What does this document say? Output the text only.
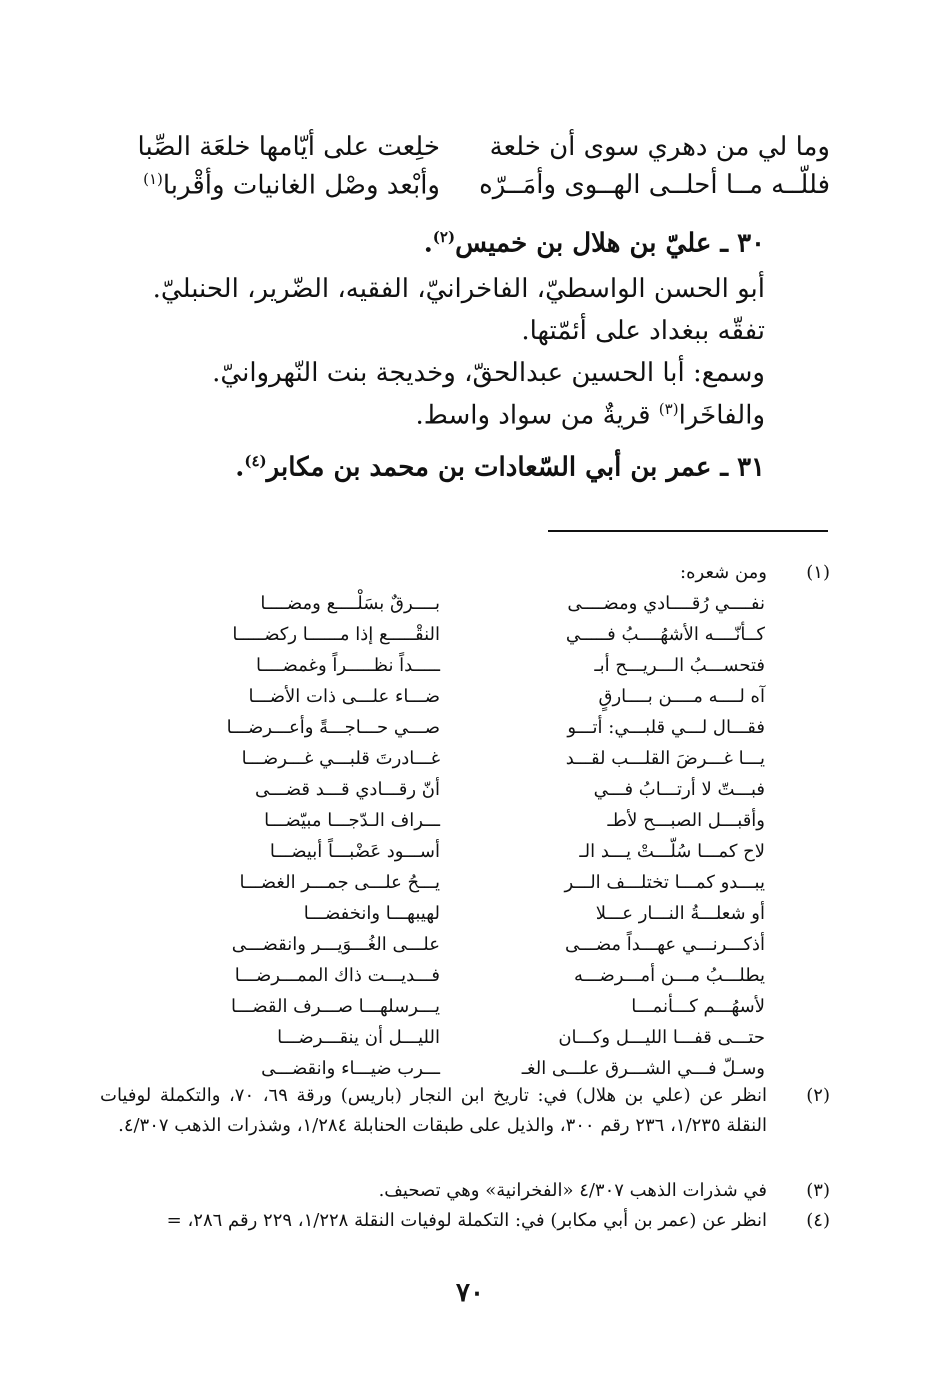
وما لي من دهري سوى أن خلعة
خلِعت على أيّامها خلعَة الصِّبا
فللّــه مــا أحلــى الهــوى وأمَــرّه
وأبْعد وصْل الغانيات وأقْربا$^{(١)}$
٣٠ ـ عليّ بن هلال بن خميس$^{(٢)}$.
أبو الحسن الواسطيّ، الفاخرانيّ، الفقيه، الضّرير، الحنبليّ.
تفقّه ببغداد على أئمّتها.
وسمع: أبا الحسين عبدالحقّ، وخديجة بنت النّهروانيّ.
والفاخَرا$^{(٣)}$ قريةٌ من سواد واسط.
٣١ ـ عمر بن أبي السّعادات بن محمد بن مكابر$^{(٤)}$.
(١)
ومن شعره:
نفــــي رُقــــادي ومضــــى
بــــرقٌ بسَلْــــع ومضــــا
كــأنّــــه الأشهُــــبُ فـــــي
النقْـــــع إذا مــــــا ركضـــــا
فتحســـبُ الـــريـــح أبـ
ـــــداً نظـــــراً وغمضــــا
آه لــــه مــــن بــــارقٍ
ضـــاء علـــى ذات الأضـــا
فقـــال لـــي قلبـــي: أتـــو
صـــي حـــاجـــةً وأعـــرضـــا
يـــا غـــرضَ القلـــب لقـــد
غـــادرتَ قلبـــي غـــرضـــا
فبـــتّ لا أرتـــابُ فـــي
أنّ رقـــادي قـــد قضـــى
وأقبـــل الصبـــح لأطـ
ـــراف الـدّجـــا مبيّضـــا
لاح كمـــا سُلّـــتْ يـــد الـ
أســـود عَضْبـــاً أبيضـــا
يبـــدو كمـــا تختلـــف الـــر
يـــحُ علـــى جمـــر الغضـــا
أو شعلـــةُ النـــار عـــلا
لهيبهـــا وانخفضـــا
أذكـــرنـــي عهـــداً مضـــى
علـــى الغُـــوَيـــر وانقضـــى
يطلـــبُ مـــن أمـــرضـــه
فـــديـــت ذاك الممـــرضـــا
لأسهُـــم كـــأنمـــا
يـــرسلهـــا صـــرف القضـــا
حتـــى قفـــا الليـــل وكـــان
الليـــل أن ينقـــرضـــا
وسـلّ فـــي الشـــرق علـــى الغـ
ـــرب ضيـــاء وانقضـــى
(٢)
انظر عن (علي بن هلال) في: تاريخ ابن النجار (باريس) ورقة ٦٩، ٧٠، والتكملة لوفيات النقلة ١/٢٣٥، ٢٣٦ رقم ٣٠٠، والذيل على طبقات الحنابلة ١/٢٨٤، وشذرات الذهب ٤/٣٠٧.
(٣)
في شذرات الذهب ٤/٣٠٧ «الفخرانية» وهي تصحيف.
(٤)
انظر عن (عمر بن أبي مكابر) في: التكملة لوفيات النقلة ١/٢٢٨، ٢٢٩ رقم ٢٨٦، =
٧٠
